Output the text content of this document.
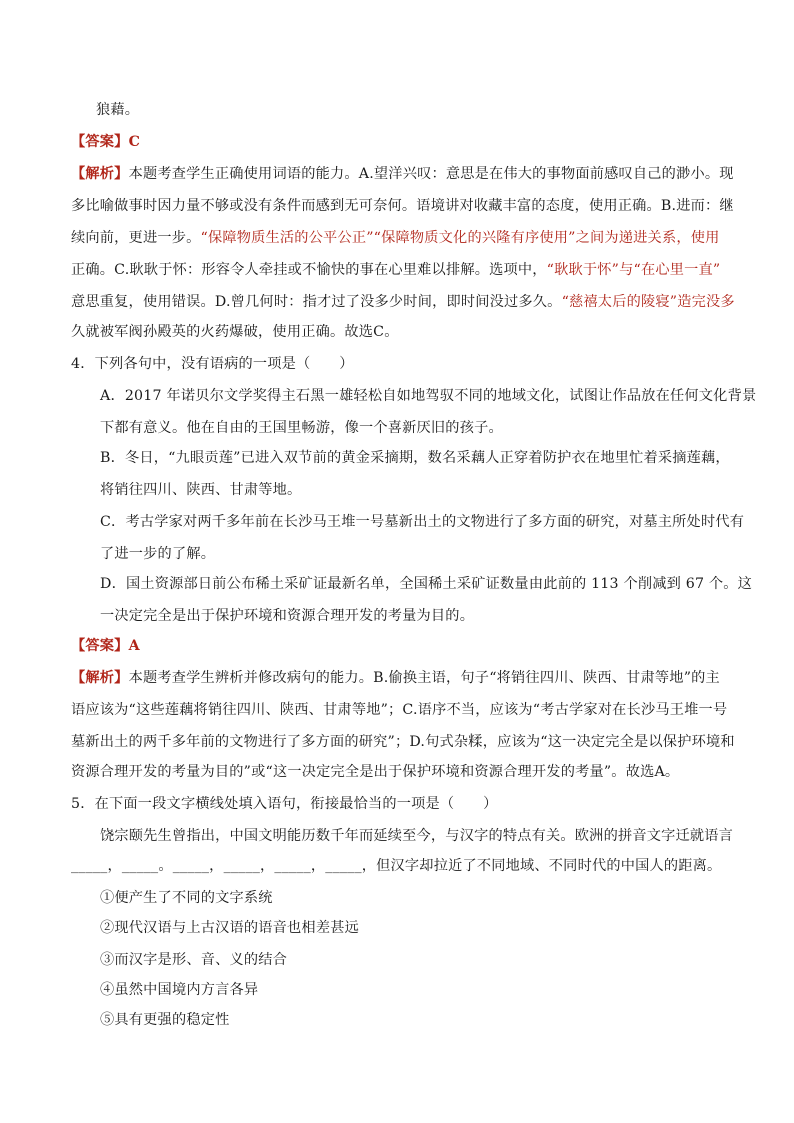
狼藉。
【答案】C
【解析】本题考查学生正确使用词语的能力。A.望洋兴叹：意思是在伟大的事物面前感叹自己的渺小。现
多比喻做事时因力量不够或没有条件而感到无可奈何。语境讲对收藏丰富的态度，使用正确。B.进而：继
续向前，更进一步。“保障物质生活的公平公正”“保障物质文化的兴隆有序使用”之间为递进关系，使用
正确。C.耿耿于怀：形容令人牵挂或不愉快的事在心里难以排解。选项中，“耿耿于怀”与“在心里一直”
意思重复，使用错误。D.曾几何时：指才过了没多少时间，即时间没过多久。“慈禧太后的陵寝”造完没多
久就被军阀孙殿英的火药爆破，使用正确。故选C。
4．下列各句中，没有语病的一项是（　　）
A．2017 年诺贝尔文学奖得主石黑一雄轻松自如地驾驭不同的地域文化，试图让作品放在任何文化背景
下都有意义。他在自由的王国里畅游，像一个喜新厌旧的孩子。
B．冬日，“九眼贡莲”已进入双节前的黄金采摘期，数名采藕人正穿着防护衣在地里忙着采摘莲藕，
将销往四川、陕西、甘肃等地。
C．考古学家对两千多年前在长沙马王堆一号墓新出土的文物进行了多方面的研究，对墓主所处时代有
了进一步的了解。
D．国土资源部日前公布稀土采矿证最新名单，全国稀土采矿证数量由此前的 113 个削减到 67 个。这
一决定完全是出于保护环境和资源合理开发的考量为目的。
【答案】A
【解析】本题考查学生辨析并修改病句的能力。B.偷换主语，句子“将销往四川、陕西、甘肃等地”的主
语应该为“这些莲藕将销往四川、陕西、甘肃等地”；C.语序不当，应该为“考古学家对在长沙马王堆一号
墓新出土的两千多年前的文物进行了多方面的研究”；D.句式杂糅，应该为“这一决定完全是以保护环境和
资源合理开发的考量为目的”或“这一决定完全是出于保护环境和资源合理开发的考量”。故选A。
5．在下面一段文字横线处填入语句，衔接最恰当的一项是（　　）
饶宗颐先生曾指出，中国文明能历数千年而延续至今，与汉字的特点有关。欧洲的拼音文字迁就语言
_____，_____。_____，_____，_____，_____，但汉字却拉近了不同地域、不同时代的中国人的距离。
①便产生了不同的文字系统
②现代汉语与上古汉语的语音也相差甚远
③而汉字是形、音、义的结合
④虽然中国境内方言各异
⑤具有更强的稳定性
